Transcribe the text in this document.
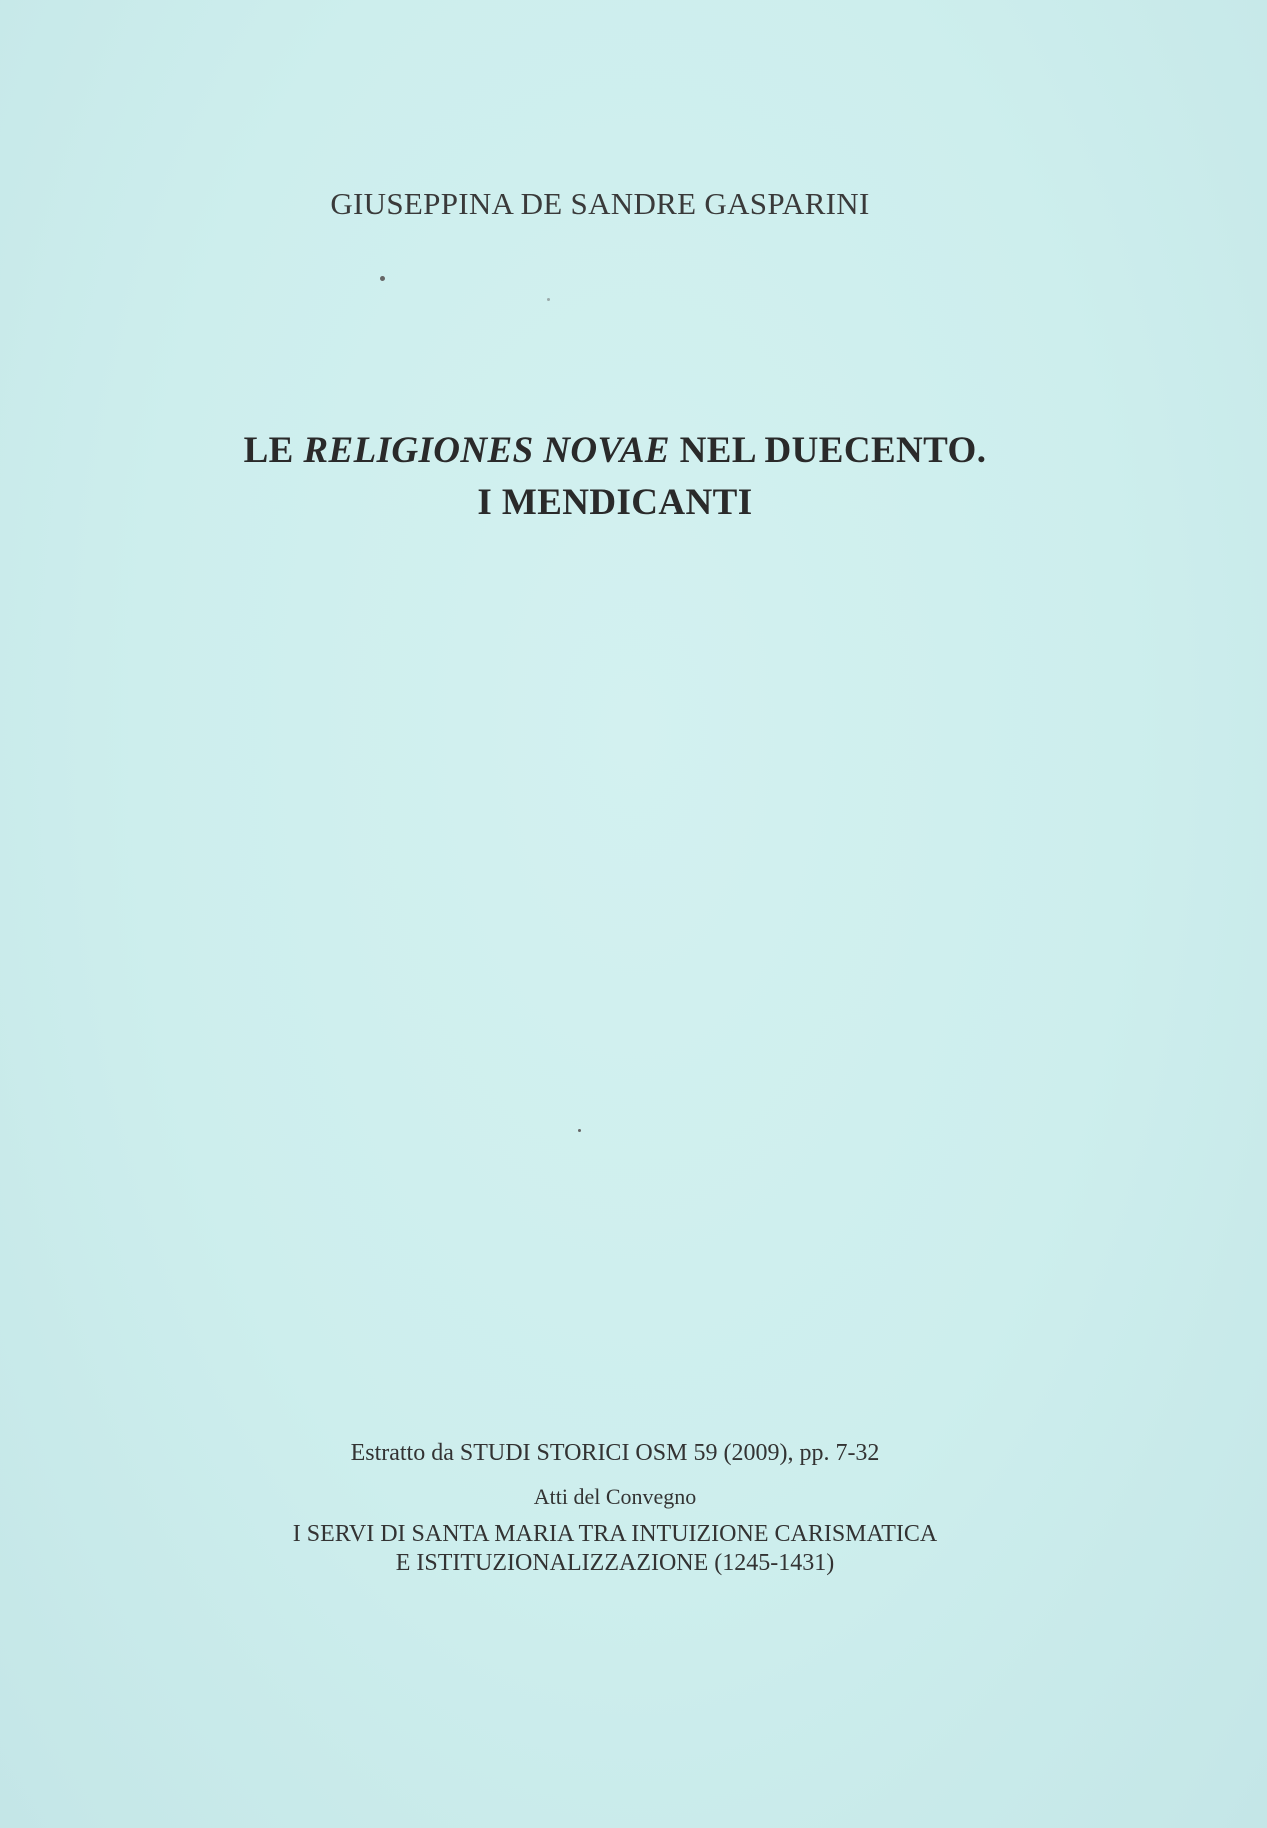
GIUSEPPINA DE SANDRE GASPARINI
LE RELIGIONES NOVAE NEL DUECENTO.
I MENDICANTI
Estratto da STUDI STORICI OSM 59 (2009), pp. 7-32
Atti del Convegno
I SERVI DI SANTA MARIA TRA INTUIZIONE CARISMATICA
E ISTITUZIONALIZZAZIONE (1245-1431)
